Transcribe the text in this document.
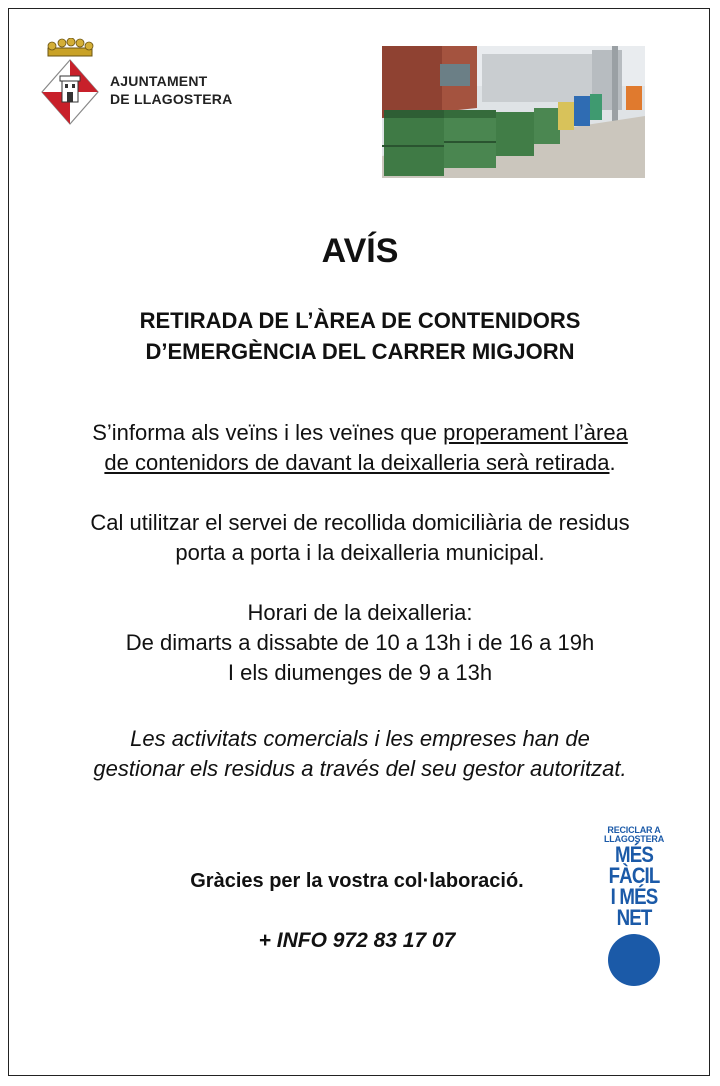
AJUNTAMENT
DE LLAGOSTERA
AVÍS
RETIRADA DE L’ÀREA DE CONTENIDORS
D’EMERGÈNCIA DEL CARRER MIGJORN
S’informa als veïns i les veïnes que properament l’àrea
de contenidors de davant la deixalleria serà retirada.
Cal utilitzar el servei de recollida domiciliària de residus
porta a porta i la deixalleria municipal.
Horari de la deixalleria:
De dimarts a dissabte de 10 a 13h i de 16 a 19h
I els diumenges de 9 a 13h
Les activitats comercials i les empreses han de
gestionar els residus a través del seu gestor autoritzat.
Gràcies per la vostra col·laboració.
+ INFO 972 83 17 07
RECICLAR A
LLAGOSTERA
MÉS
FÀCIL
I MÉS
NET
